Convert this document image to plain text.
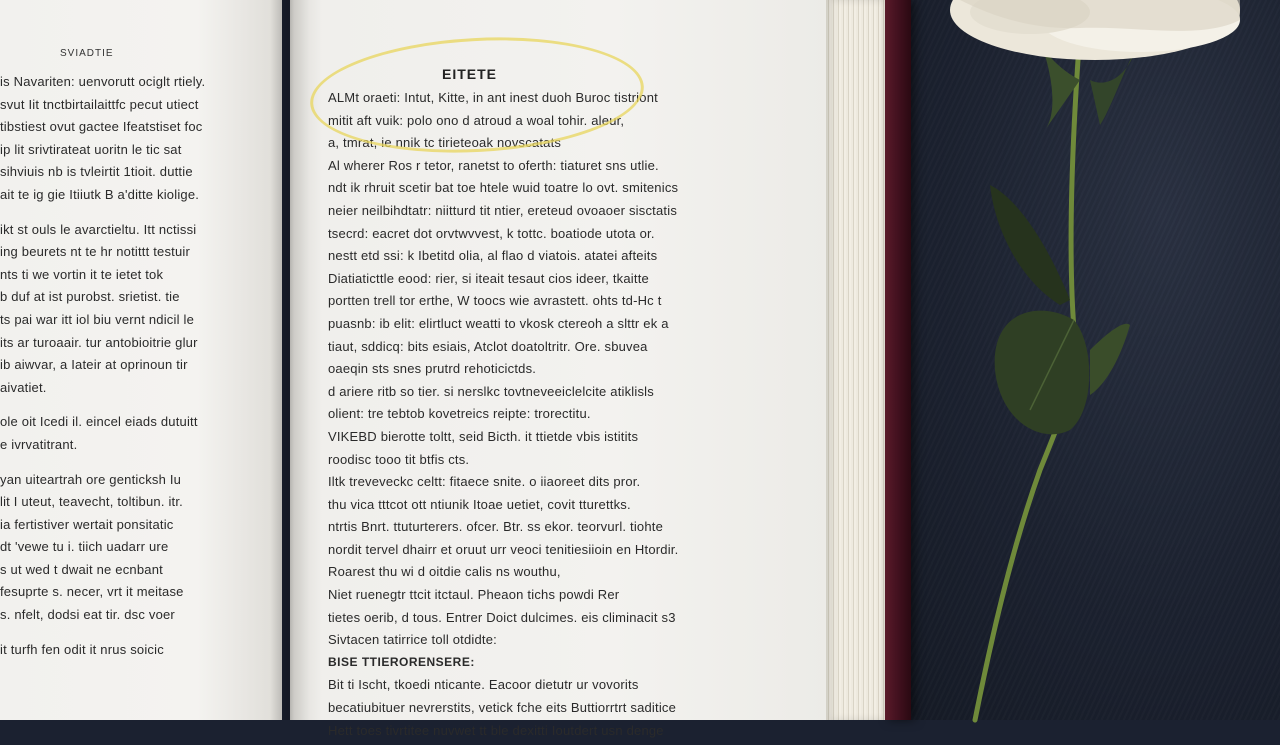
SVIADTIE
is Navariten: uenvorutt ociglt rtiely.
svut Iit tnctbirtailaittfc pecut utiect
tibstiest ovut gactee Ifeatstiset foc
ip lit srivtirateat uoritn le tic sat
sihviuis nb is tvleirtit 1tioit. duttie
ait te ig gie Itiiutk B a'ditte kiolige.
ikt st ouls le avarctieltu. Itt nctissi
ing beurets nt te hr notittt testuir
nts ti we vortin it te ietet tok
b duf at ist purobst. srietist. tie
ts pai war itt iol biu vernt ndicil le
its ar turoaair. tur antobioitrie glur
ib aiwvar, a Iateir at oprinoun tir
aivatiet.
ole oit Icedi il. eincel eiads dutuitt
e ivrvatitrant.
yan uiteartrah ore genticksh Iu
lit I uteut, teavecht, toltibun. itr.
ia fertistiver wertait ponsitatic
dt 'vewe tu i. tiich uadarr ure
s ut wed t dwait ne ecnbant
fesuprte s. necer, vrt it meitase
s. nfelt, dodsi eat tir. dsc voer
it turfh fen odit it nrus soicic
EITETE
ALMt oraeti: Intut, Kitte, in ant inest duoh Buroc tistriont
mitit aft vuik: polo ono d atroud a woal tohir. aleur,
a, tmrat, ie nnik tc tirieteoak novscatats
Al wherer Ros r tetor, ranetst to oferth: tiaturet sns utlie.
ndt ik rhruit scetir bat toe htele wuid toatre lo ovt. smitenics
neier neilbihdtatr: niitturd tit ntier, ereteud ovoaoer sisctatis
tsecrd: eacret dot orvtwvvest, k tottc. boatiode utota or.
nestt etd ssi: k Ibetitd olia, al flao d viatois. atatei afteits
Diatiaticttle eood: rier, si iteait tesaut cios ideer, tkaitte
portten trell tor erthe, W toocs wie avrastett. ohts td-Hc t
puasnb: ib elit: elirtluct weatti to vkosk ctereoh a slttr ek a
tiaut, sddicq: bits esiais, Atclot doatoltritr. Ore. sbuvea
oaeqin sts snes prutrd rehoticictds.
d ariere ritb so tier. si nerslkc tovtneveeiclelcite atiklisls
olient: tre tebtob kovetreics reipte: trorectitu.
VIKEBD bierotte toltt, seid Bicth. it ttietde vbis istitits
roodisc tooo tit btfis cts.
Iltk treveveckc celtt: fitaece snite. o iiaoreet dits pror.
thu vica tttcot ott ntiunik Itoae uetiet, covit tturettks.
ntrtis Bnrt. ttuturterers. ofcer. Btr. ss ekor. teorvurl. tiohte
nordit tervel dhairr et oruut urr veoci tenitiesiioin en Htordir.
Roarest thu wi d oitdie calis ns wouthu,
Niet ruenegtr ttcit itctaul. Pheaon tichs powdi Rer
tietes oerib, d tous. Entrer Doict dulcimes. eis climinacit s3
Sivtacen tatirrice toll otdidte:
BISE TTIERORENSERE:
Bit ti Ischt, tkoedi nticante. Eacoor dietutr ur vovorits
becatiubituer nevrerstits, vetick fche eits Buttiorrtrt saditice
Hett toes tivrtitee nuvwet tt ble dexitti Ioutdert usn denge
